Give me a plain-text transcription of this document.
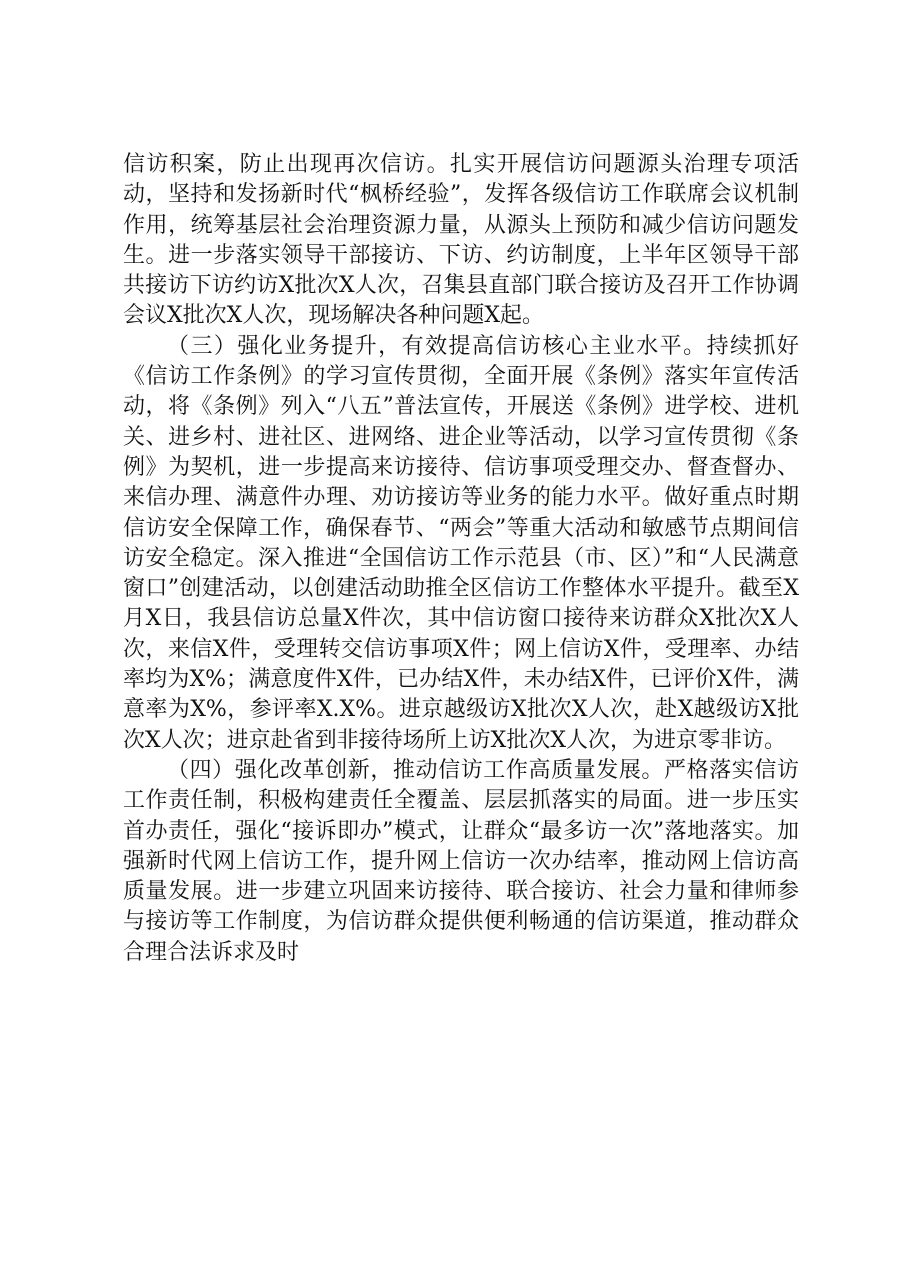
信访积案，防止出现再次信访。扎实开展信访问题源头治理专项活动，坚持和发扬新时代“枫桥经验”，发挥各级信访工作联席会议机制作用，统筹基层社会治理资源力量，从源头上预防和减少信访问题发生。进一步落实领导干部接访、下访、约访制度，上半年区领导干部共接访下访约访X批次X人次，召集县直部门联合接访及召开工作协调会议X批次X人次，现场解决各种问题X起。

（三）强化业务提升，有效提高信访核心主业水平。持续抓好《信访工作条例》的学习宣传贯彻，全面开展《条例》落实年宣传活动，将《条例》列入“八五”普法宣传，开展送《条例》进学校、进机关、进乡村、进社区、进网络、进企业等活动，以学习宣传贯彻《条例》为契机，进一步提高来访接待、信访事项受理交办、督查督办、来信办理、满意件办理、劝访接访等业务的能力水平。做好重点时期信访安全保障工作，确保春节、“两会”等重大活动和敏感节点期间信访安全稳定。深入推进“全国信访工作示范县（市、区）”和“人民满意窗口”创建活动，以创建活动助推全区信访工作整体水平提升。截至X月X日，我县信访总量X件次，其中信访窗口接待来访群众X批次X人次，来信X件，受理转交信访事项X件；网上信访X件，受理率、办结率均为X%；满意度件X件，已办结X件，未办结X件，已评价X件，满意率为X%，参评率X.X%。进京越级访X批次X人次，赴X越级访X批次X人次；进京赴省到非接待场所上访X批次X人次，为进京零非访。

（四）强化改革创新，推动信访工作高质量发展。严格落实信访工作责任制，积极构建责任全覆盖、层层抓落实的局面。进一步压实首办责任，强化“接诉即办”模式，让群众“最多访一次”落地落实。加强新时代网上信访工作，提升网上信访一次办结率，推动网上信访高质量发展。进一步建立巩固来访接待、联合接访、社会力量和律师参与接访等工作制度，为信访群众提供便利畅通的信访渠道，推动群众合理合法诉求及时
